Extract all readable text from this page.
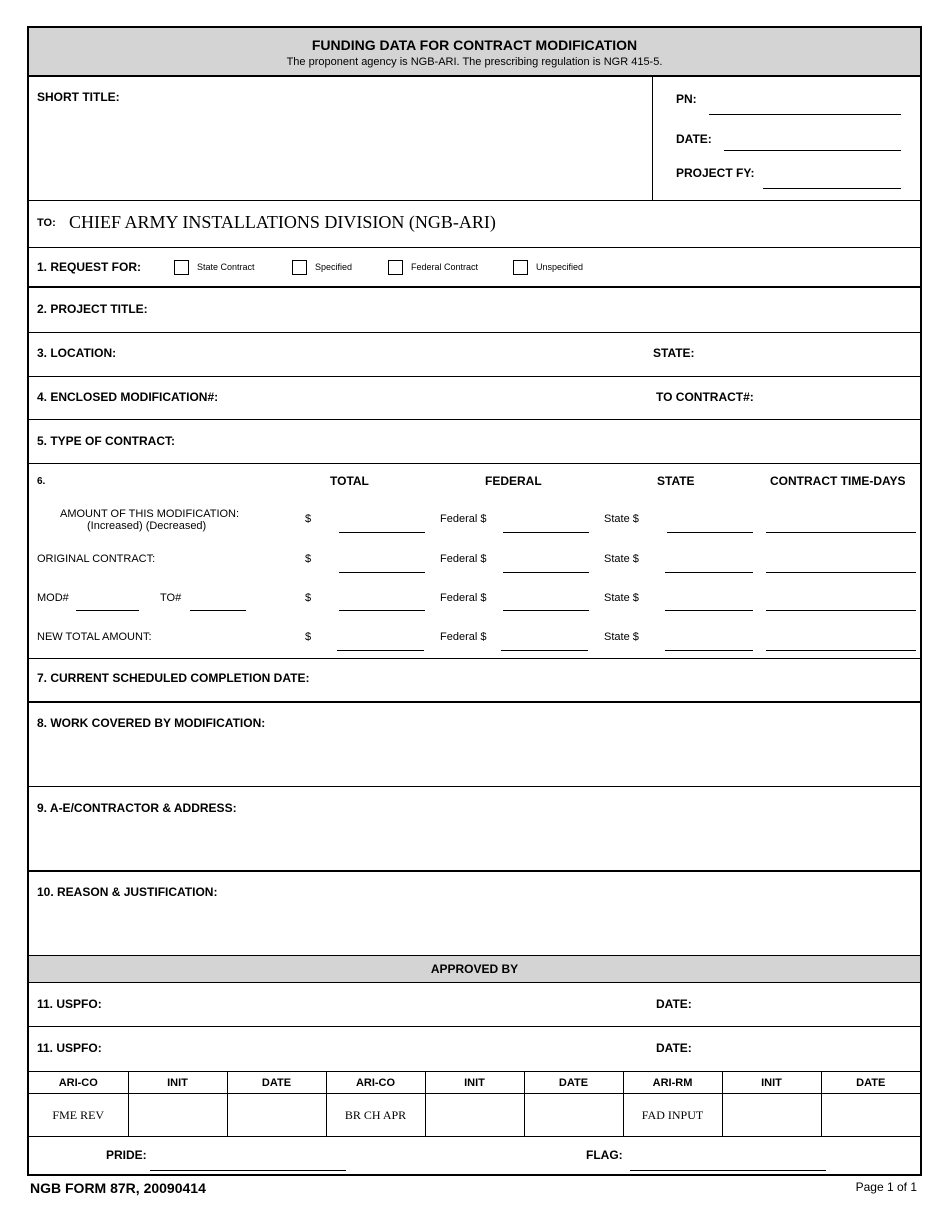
FUNDING DATA FOR CONTRACT MODIFICATION
The proponent agency is NGB-ARI. The prescribing regulation is NGR 415-5.
SHORT TITLE:	PN:
DATE:
PROJECT FY:
TO: CHIEF ARMY INSTALLATIONS DIVISION (NGB-ARI)
1. REQUEST FOR:	State Contract	Specified	Federal Contract	Unspecified
2. PROJECT TITLE:
3. LOCATION:	STATE:
4. ENCLOSED MODIFICATION#:	TO CONTRACT#:
5. TYPE OF CONTRACT:
6.	TOTAL	FEDERAL	STATE	CONTRACT TIME-DAYS
AMOUNT OF THIS MODIFICATION:
(Increased) (Decreased)
$	Federal $	State $
ORIGINAL CONTRACT:	$	Federal $	State $
MOD#	TO#	$	Federal $	State $
NEW TOTAL AMOUNT:	$	Federal $	State $
7. CURRENT SCHEDULED COMPLETION DATE:
8. WORK COVERED BY MODIFICATION:
9. A-E/CONTRACTOR & ADDRESS:
10. REASON & JUSTIFICATION:
APPROVED BY
11. USPFO:	DATE:
11. USPFO:	DATE:
ARI-CO	INIT	DATE	ARI-CO	INIT	DATE	ARI-RM	INIT	DATE
FME REV			BR CH APR			FAD INPUT		
PRIDE:	FLAG:
NGB FORM 87R, 20090414	Page 1 of 1
